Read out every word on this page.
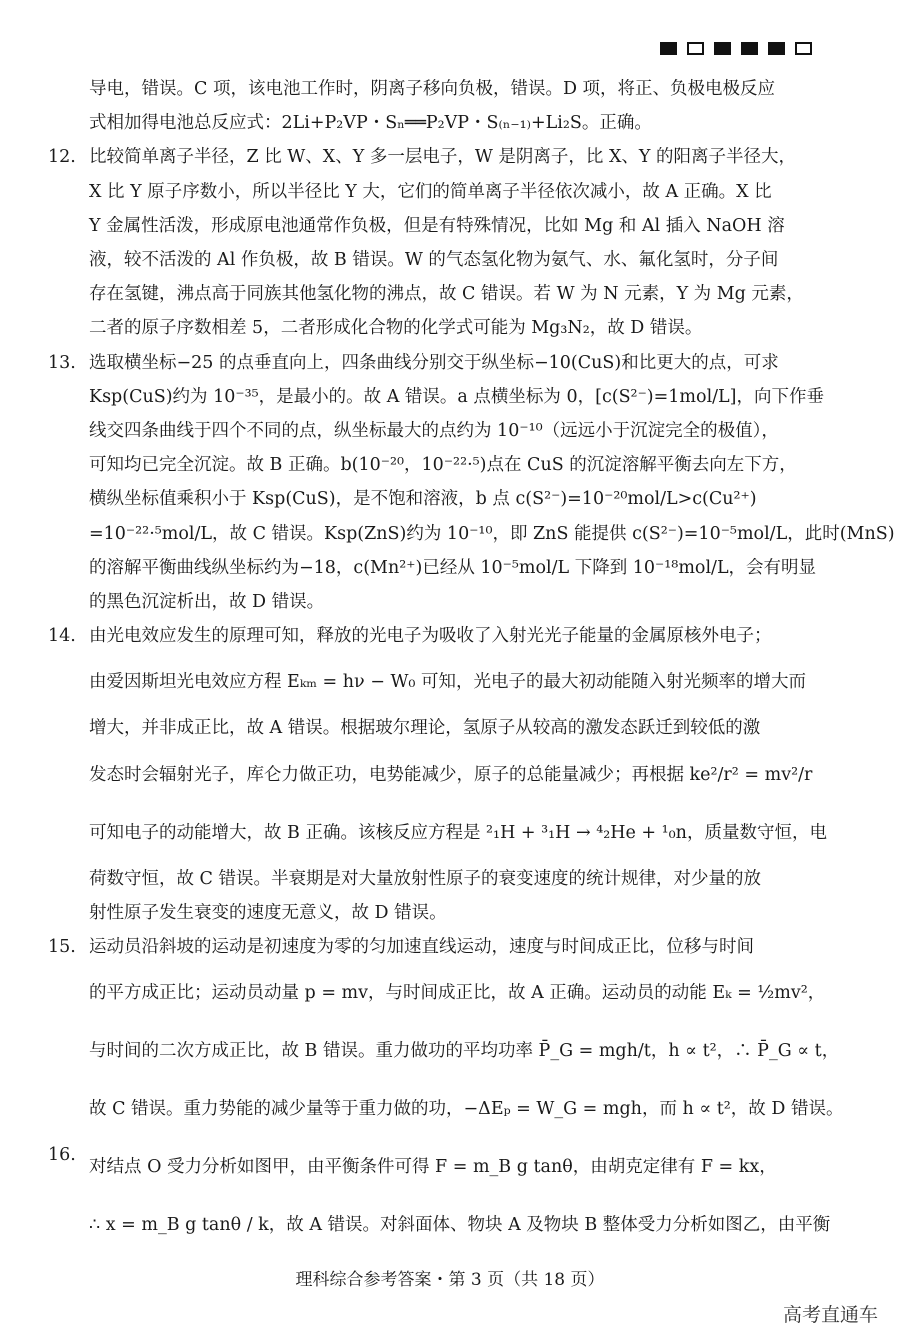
导电，错误。C 项，该电池工作时，阴离子移向负极，错误。D 项，将正、负极电极反应
式相加得电池总反应式：2Li+P₂VP・Sₙ══P₂VP・S₍ₙ₋₁₎+Li₂S。正确。
12. 比较简单离子半径，Z 比 W、X、Y 多一层电子，W 是阴离子，比 X、Y 的阳离子半径大，
X 比 Y 原子序数小，所以半径比 Y 大，它们的简单离子半径依次减小，故 A 正确。X 比
Y 金属性活泼，形成原电池通常作负极，但是有特殊情况，比如 Mg 和 Al 插入 NaOH 溶
液，较不活泼的 Al 作负极，故 B 错误。W 的气态氢化物为氨气、水、氟化氢时，分子间
存在氢键，沸点高于同族其他氢化物的沸点，故 C 错误。若 W 为 N 元素，Y 为 Mg 元素，
二者的原子序数相差 5，二者形成化合物的化学式可能为 Mg₃N₂，故 D 错误。
13. 选取横坐标−25 的点垂直向上，四条曲线分别交于纵坐标−10(CuS)和比更大的点，可求
Ksp(CuS)约为 10⁻³⁵，是最小的。故 A 错误。a 点横坐标为 0，[c(S²⁻)=1mol/L]，向下作垂
线交四条曲线于四个不同的点，纵坐标最大的点约为 10⁻¹⁰（远远小于沉淀完全的极值），
可知均已完全沉淀。故 B 正确。b(10⁻²⁰，10⁻²²·⁵)点在 CuS 的沉淀溶解平衡去向左下方，
横纵坐标值乘积小于 Ksp(CuS)，是不饱和溶液，b 点 c(S²⁻)=10⁻²⁰mol/L>c(Cu²⁺)
=10⁻²²·⁵mol/L，故 C 错误。Ksp(ZnS)约为 10⁻¹⁰，即 ZnS 能提供 c(S²⁻)=10⁻⁵mol/L，此时(MnS)
的溶解平衡曲线纵坐标约为−18，c(Mn²⁺)已经从 10⁻⁵mol/L 下降到 10⁻¹⁸mol/L，会有明显
的黑色沉淀析出，故 D 错误。
14. 由光电效应发生的原理可知，释放的光电子为吸收了入射光光子能量的金属原核外电子；
由爱因斯坦光电效应方程 Eₖₘ = hν − W₀ 可知，光电子的最大初动能随入射光频率的增大而
增大，并非成正比，故 A 错误。根据玻尔理论，氢原子从较高的激发态跃迁到较低的激
发态时会辐射光子，库仑力做正功，电势能减少，原子的总能量减少；再根据 ke²/r² = mv²/r
可知电子的动能增大，故 B 正确。该核反应方程是 ²₁H + ³₁H → ⁴₂He + ¹₀n，质量数守恒，电
荷数守恒，故 C 错误。半衰期是对大量放射性原子的衰变速度的统计规律，对少量的放
射性原子发生衰变的速度无意义，故 D 错误。
15. 运动员沿斜坡的运动是初速度为零的匀加速直线运动，速度与时间成正比，位移与时间
的平方成正比；运动员动量 p = mv，与时间成正比，故 A 正确。运动员的动能 Eₖ = ½mv²，
与时间的二次方成正比，故 B 错误。重力做功的平均功率 P̄_G = mgh/t，h ∝ t²，∴ P̄_G ∝ t，
故 C 错误。重力势能的减少量等于重力做的功，−ΔEₚ = W_G = mgh，而 h ∝ t²，故 D 错误。
16.
对结点 O 受力分析如图甲，由平衡条件可得 F = m_B g tanθ，由胡克定律有 F = kx，
∴ x = m_B g tanθ / k，故 A 错误。对斜面体、物块 A 及物块 B 整体受力分析如图乙，由平衡
理科综合参考答案・第 3 页（共 18 页）
高考直通车
